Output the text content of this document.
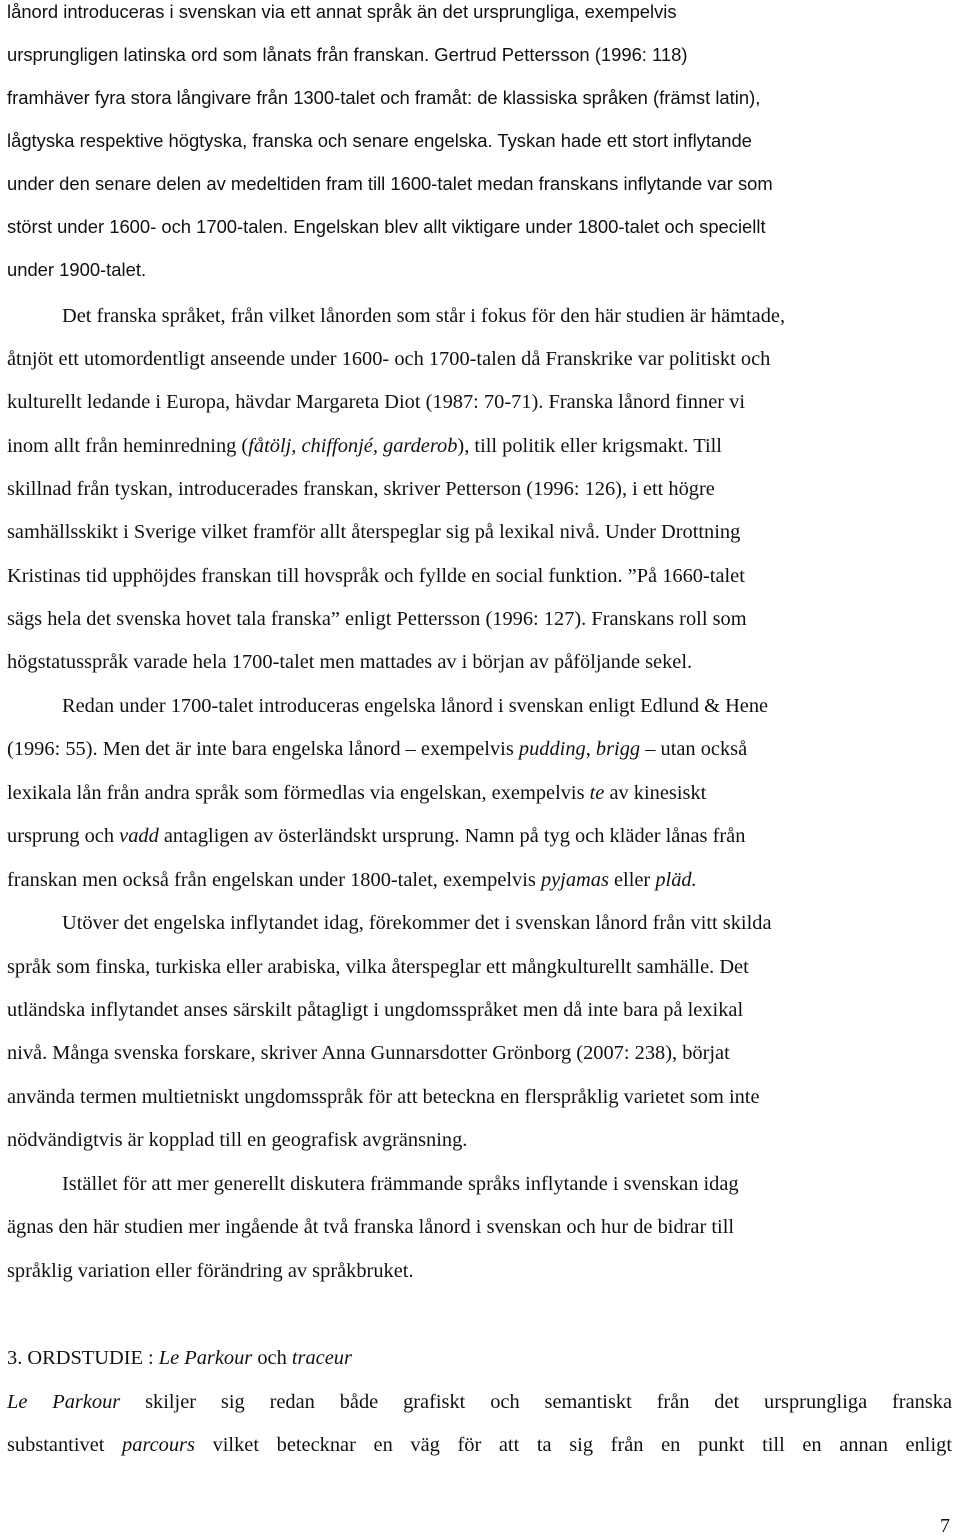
lånord introduceras i svenskan via ett annat språk än det ursprungliga, exempelvis
ursprungligen latinska ord som lånats från franskan. Gertrud Pettersson (1996: 118)
framhäver fyra stora långivare från 1300-talet och framåt: de klassiska språken (främst latin),
lågtyska respektive högtyska, franska och senare engelska. Tyskan hade ett stort inflytande
under den senare delen av medeltiden fram till 1600-talet medan franskans inflytande var som
störst under 1600- och 1700-talen. Engelskan blev allt viktigare under 1800-talet och speciellt
under 1900-talet.
Det franska språket, från vilket lånorden som står i fokus för den här studien är hämtade,
åtnjöt ett utomordentligt anseende under 1600- och 1700-talen då Franskrike var politiskt och
kulturellt ledande i Europa, hävdar Margareta Diot (1987: 70-71). Franska lånord finner vi
inom allt från heminredning (fåtölj, chiffonjé, garderob), till politik eller krigsmakt. Till
skillnad från tyskan, introducerades franskan, skriver Petterson (1996: 126), i ett högre
samhällsskikt i Sverige vilket framför allt återspeglar sig på lexikal nivå. Under Drottning
Kristinas tid upphöjdes franskan till hovspråk och fyllde en social funktion. ”På 1660-talet
sägs hela det svenska hovet tala franska” enligt Pettersson (1996: 127). Franskans roll som
högstatusspråk varade hela 1700-talet men mattades av i början av påföljande sekel.
Redan under 1700-talet introduceras engelska lånord i svenskan enligt Edlund & Hene
(1996: 55). Men det är inte bara engelska lånord – exempelvis pudding, brigg – utan också
lexikala lån från andra språk som förmedlas via engelskan, exempelvis te av kinesiskt
ursprung och vadd antagligen av österländskt ursprung. Namn på tyg och kläder lånas från
franskan men också från engelskan under 1800-talet, exempelvis pyjamas eller pläd.
Utöver det engelska inflytandet idag, förekommer det i svenskan lånord från vitt skilda
språk som finska, turkiska eller arabiska, vilka återspeglar ett mångkulturellt samhälle. Det
utländska inflytandet anses särskilt påtagligt i ungdomsspråket men då inte bara på lexikal
nivå. Många svenska forskare, skriver Anna Gunnarsdotter Grönborg (2007: 238), börjat
använda termen multietniskt ungdomsspråk för att beteckna en flerspråklig varietet som inte
nödvändigtvis är kopplad till en geografisk avgränsning.
Istället för att mer generellt diskutera främmande språks inflytande i svenskan idag
ägnas den här studien mer ingående åt två franska lånord i svenskan och hur de bidrar till
språklig variation eller förändring av språkbruket.
3. ORDSTUDIE : Le Parkour och traceur
Le Parkour skiljer sig redan både grafiskt och semantiskt från det ursprungliga franska
substantivet parcours vilket betecknar en väg för att ta sig från en punkt till en annan enligt
7
